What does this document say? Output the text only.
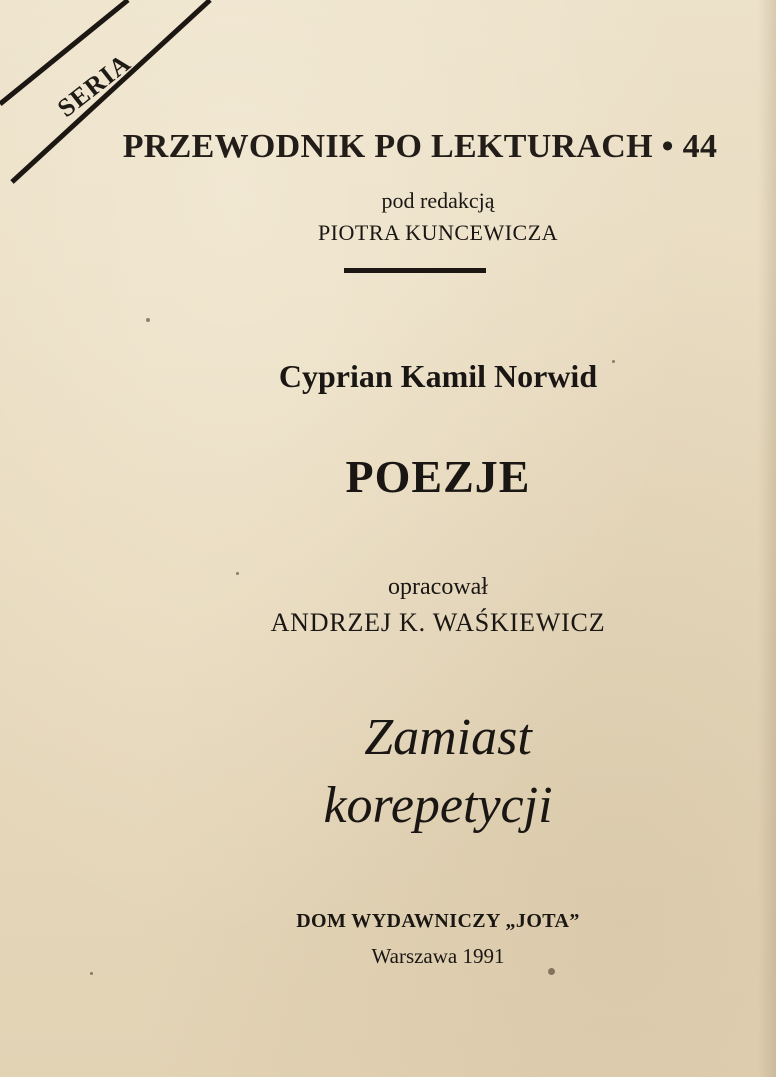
SERIA
PRZEWODNIK PO LEKTURACH • 44
pod redakcją
PIOTRA KUNCEWICZA
Cyprian Kamil Norwid
POEZJE
opracował
ANDRZEJ K. WAŚKIEWICZ
Zamiast
korepetycji
DOM WYDAWNICZY „JOTA”
Warszawa 1991
